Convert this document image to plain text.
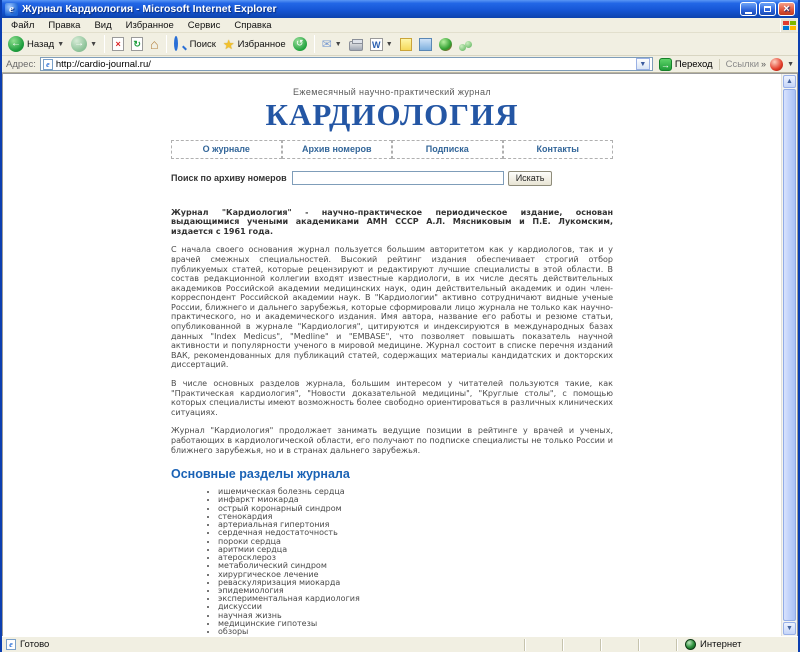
e Журнал Кардиология - Microsoft Internet Explorer	×
Файл	Правка	Вид	Избранное	Сервис	Справка
← Назад ▼	→ ▼	×	↻ ⌂	Поиск ★ Избранное	↺ ✉ ▼	W ▼
Адрес:	e http://cardio-journal.ru/	▼	→ Переход Ссылки »	▼
Ежемесячный научно-практический журнал
КАРДИОЛОГИЯ
О журнале	Архив номеров	Подписка	Контакты
Поиск по архиву номеров	Искать

Журнал "Кардиология" - научно-практическое периодическое издание, основан выдающимися учеными академиками АМН СССР А.Л. Мясниковым и П.Е. Лукомским, издается с 1961 года.

С начала своего основания журнал пользуется большим авторитетом как у кардиологов, так и у врачей смежных специальностей. Высокий рейтинг издания обеспечивает строгий отбор публикуемых статей, которые рецензируют и редактируют лучшие специалисты в этой области. В состав редакционной коллегии входят известные кардиологи, в их числе десять действительных академиков Российской академии медицинских наук, один действительный академик и один член-корреспондент Российской академии наук. В "Кардиологии" активно сотрудничают видные ученые России, ближнего и дальнего зарубежья, которые сформировали лицо журнала не только как научно-практического, но и академического издания. Имя автора, название его работы и резюме статьи, опубликованной в журнале "Кардиология", цитируются и индексируются в международных базах данных "Index Medicus", "Medline" и "EMBASE", что позволяет повышать показатель научной активности и популярности ученого в мировой медицине. Журнал состоит в списке перечня изданий ВАК, рекомендованных для публикаций статей, содержащих материалы кандидатских и докторских диссертаций.

В числе основных разделов журнала, большим интересом у читателей пользуются такие, как "Практическая кардиология", "Новости доказательной медицины", "Круглые столы", с помощью которых специалисты имеют возможность более свободно ориентироваться в различных клинических ситуациях.

Журнал "Кардиология" продолжает занимать ведущие позиции в рейтинге у врачей и ученых, работающих в кардиологической области, его получают по подписке специалисты не только России и ближнего зарубежья, но и в странах дальнего зарубежья.

Основные разделы журнала
• ишемическая болезнь сердца
• инфаркт миокарда
• острый коронарный синдром
• стенокардия
• артериальная гипертония
• сердечная недостаточность
• пороки сердца
• аритмии сердца
• атеросклероз
• метаболический синдром
• хирургическое лечение
• реваскуляризация миокарда
• эпидемиология
• экспериментальная кардиология
• дискуссии
• научная жизнь
• медицинские гипотезы
• обзоры
▲
▼
e Готово	Интернет
